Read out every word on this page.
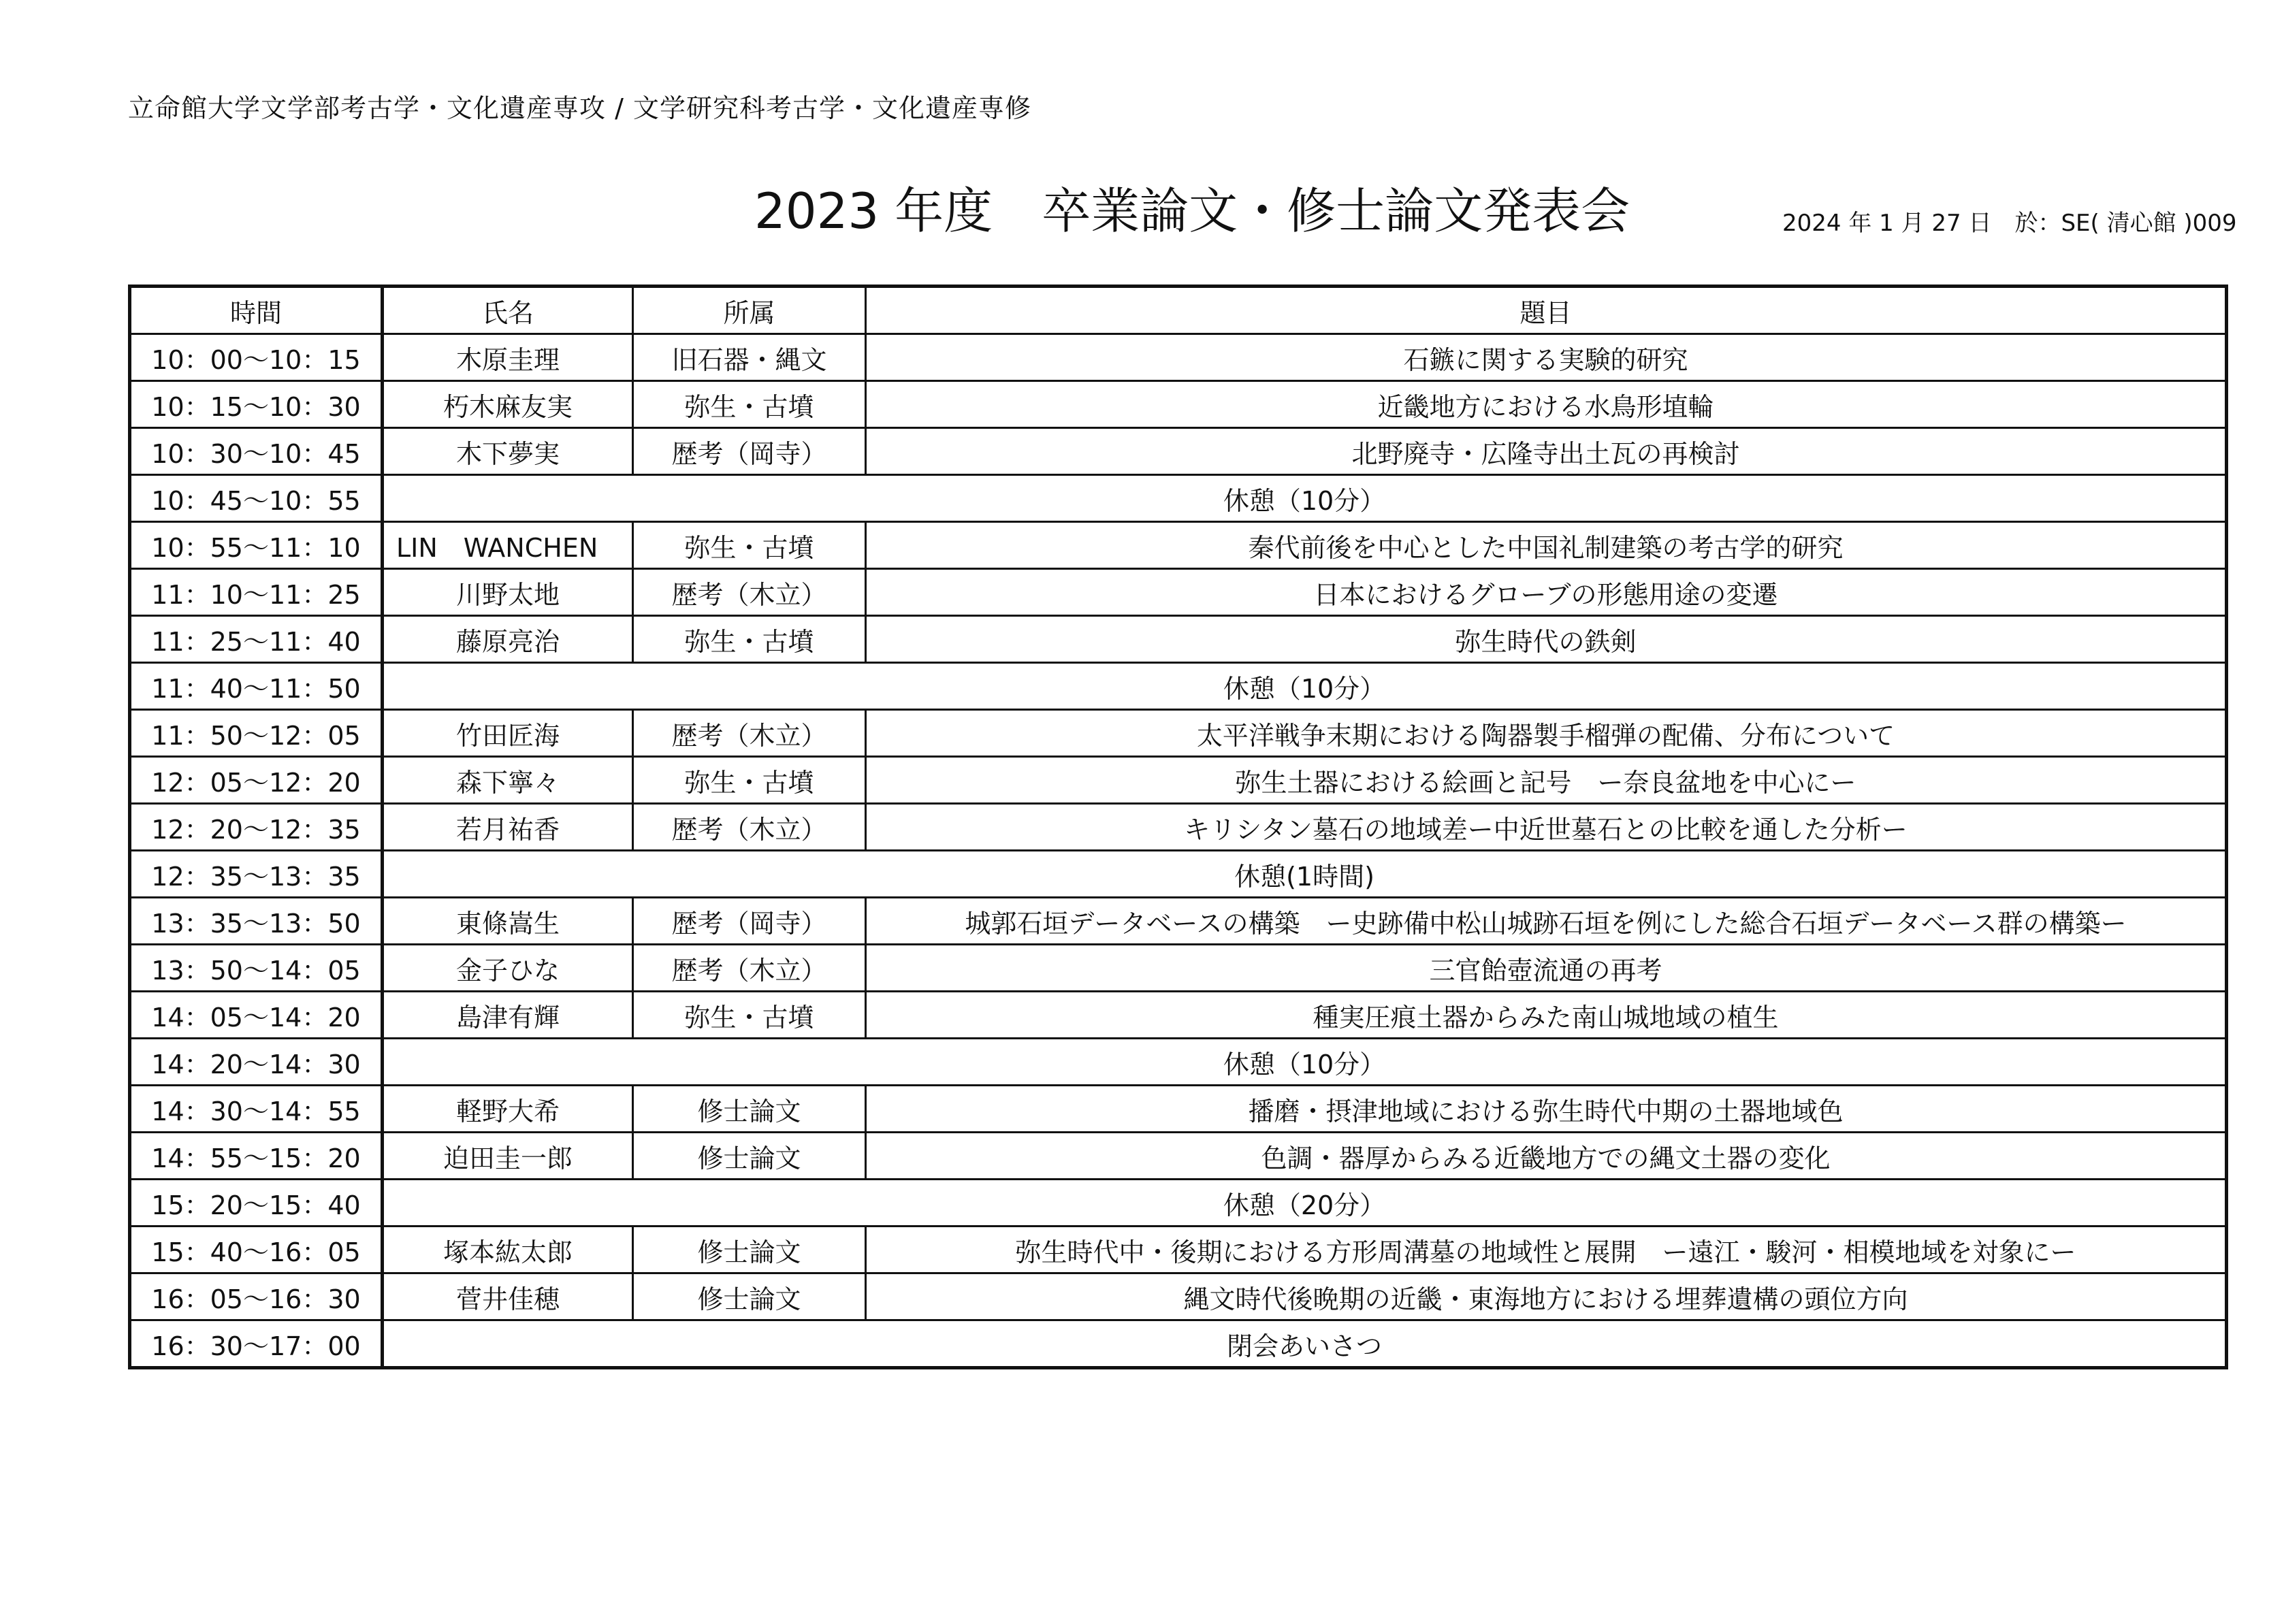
立命館大学文学部考古学・文化遺産専攻 / 文学研究科考古学・文化遺産専修
2023 年度　卒業論文・修士論文発表会	2024 年 1 月 27 日　於：SE( 清心館 )009
時間	氏名	所属	題目
10：00〜10：15	木原圭理	旧石器・縄文	石鏃に関する実験的研究
10：15〜10：30	朽木麻友実	弥生・古墳	近畿地方における水鳥形埴輪
10：30〜10：45	木下夢実	歴考（岡寺）	北野廃寺・広隆寺出土瓦の再検討
10：45〜10：55	休憩（10分）		
10：55〜11：10	LIN　WANCHEN	弥生・古墳	秦代前後を中心とした中国礼制建築の考古学的研究
11：10〜11：25	川野太地	歴考（木立）	日本におけるグローブの形態用途の変遷
11：25〜11：40	藤原亮治	弥生・古墳	弥生時代の鉄剣
11：40〜11：50	休憩（10分）		
11：50〜12：05	竹田匠海	歴考（木立）	太平洋戦争末期における陶器製手榴弾の配備、分布について
12：05〜12：20	森下寧々	弥生・古墳	弥生土器における絵画と記号　ー奈良盆地を中心にー
12：20〜12：35	若月祐香	歴考（木立）	キリシタン墓石の地域差ー中近世墓石との比較を通した分析ー
12：35〜13：35	休憩(1時間)		
13：35〜13：50	東條嵩生	歴考（岡寺）	城郭石垣データベースの構築　ー史跡備中松山城跡石垣を例にした総合石垣データベース群の構築ー
13：50〜14：05	金子ひな	歴考（木立）	三官飴壺流通の再考
14：05〜14：20	島津有輝	弥生・古墳	種実圧痕土器からみた南山城地域の植生
14：20〜14：30	休憩（10分）		
14：30〜14：55	軽野大希	修士論文	播磨・摂津地域における弥生時代中期の土器地域色
14：55〜15：20	迫田圭一郎	修士論文	色調・器厚からみる近畿地方での縄文土器の変化
15：20〜15：40	休憩（20分）		
15：40〜16：05	塚本紘太郎	修士論文	弥生時代中・後期における方形周溝墓の地域性と展開　ー遠江・駿河・相模地域を対象にー
16：05〜16：30	菅井佳穂	修士論文	縄文時代後晩期の近畿・東海地方における埋葬遺構の頭位方向
16：30〜17：00	閉会あいさつ		
